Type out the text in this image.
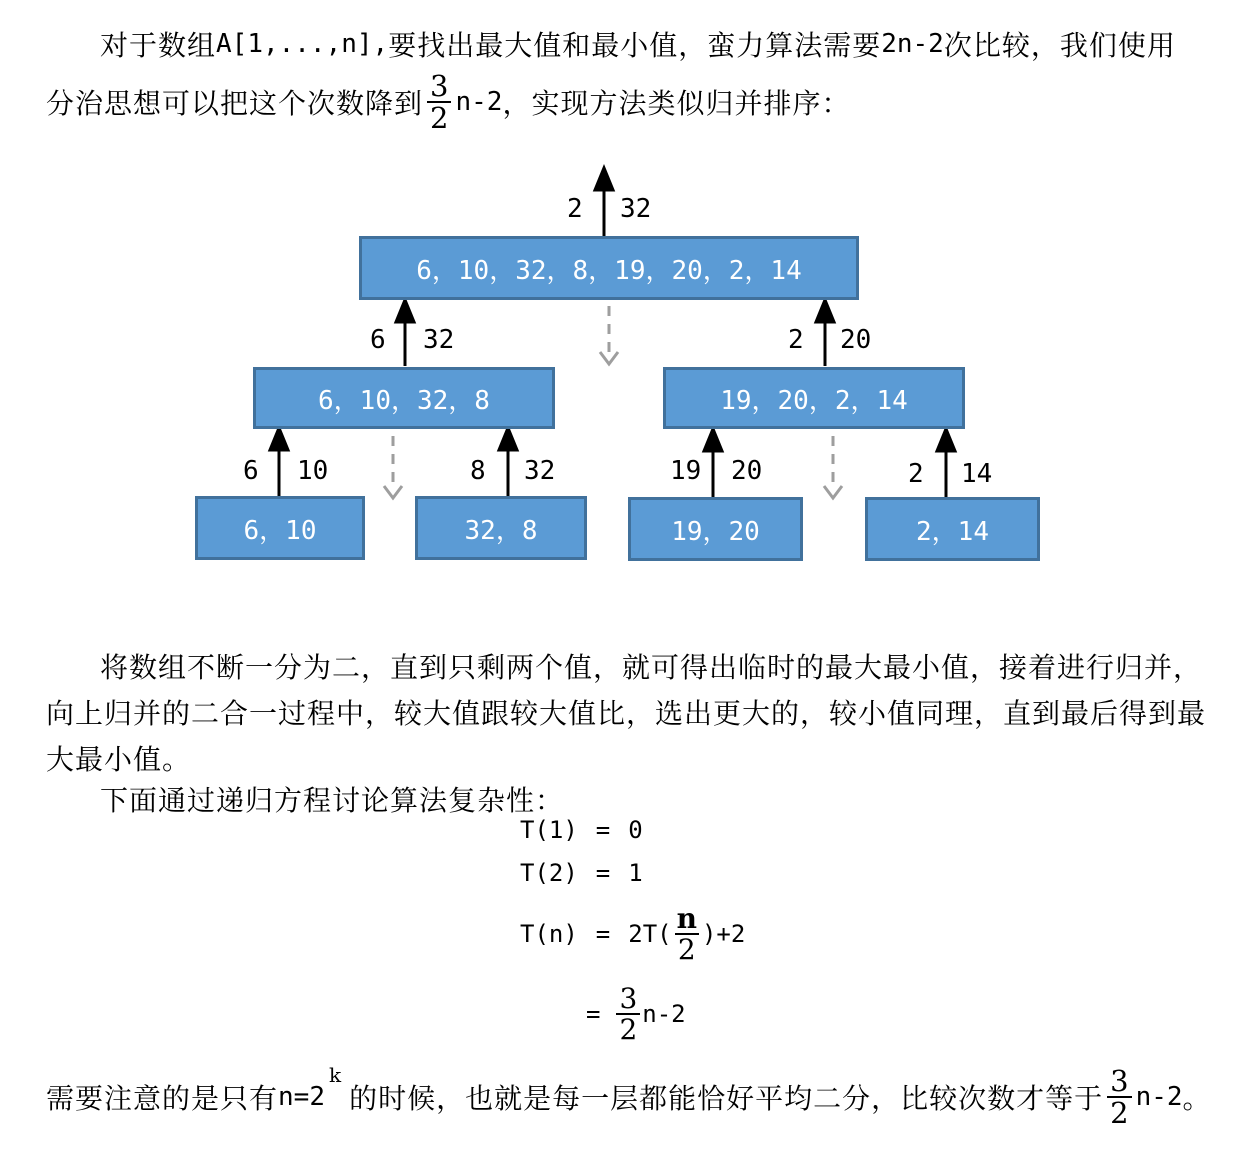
对于数组 A[1,...,n], 要找出最大值和最小值，蛮力算法需要 2n-2 次比较，我们使用
分治思想可以把这个次数降到 $\frac{3}{2} n-2$ ，实现方法类似归并排序：
2 32
6 32	2 20
6 10	8 32	19 20	2 14
6，10，32，8，19，20，2，14
6，10，32，8	19，20，2，14
6，10	32，8	19，20	2，14
将数组不断一分为二，直到只剩两个值，就可得出临时的最大最小值，接着进行归并，
向上归并的二合一过程中，较大值跟较大值比，选出更大的，较小值同理，直到最后得到最
大最小值。
下面通过递归方程讨论算法复杂性：
T(1) = 0
T(2) = 1
$T(n) = 2T( \frac{n}{2} )+2$
= $\frac{3}{2} n-2$
需要注意的是只有 n=2
k
的时候，也就是每一层都能恰好平均二分，比较次数才等于 $\frac{3}{2} n-2$ 。
